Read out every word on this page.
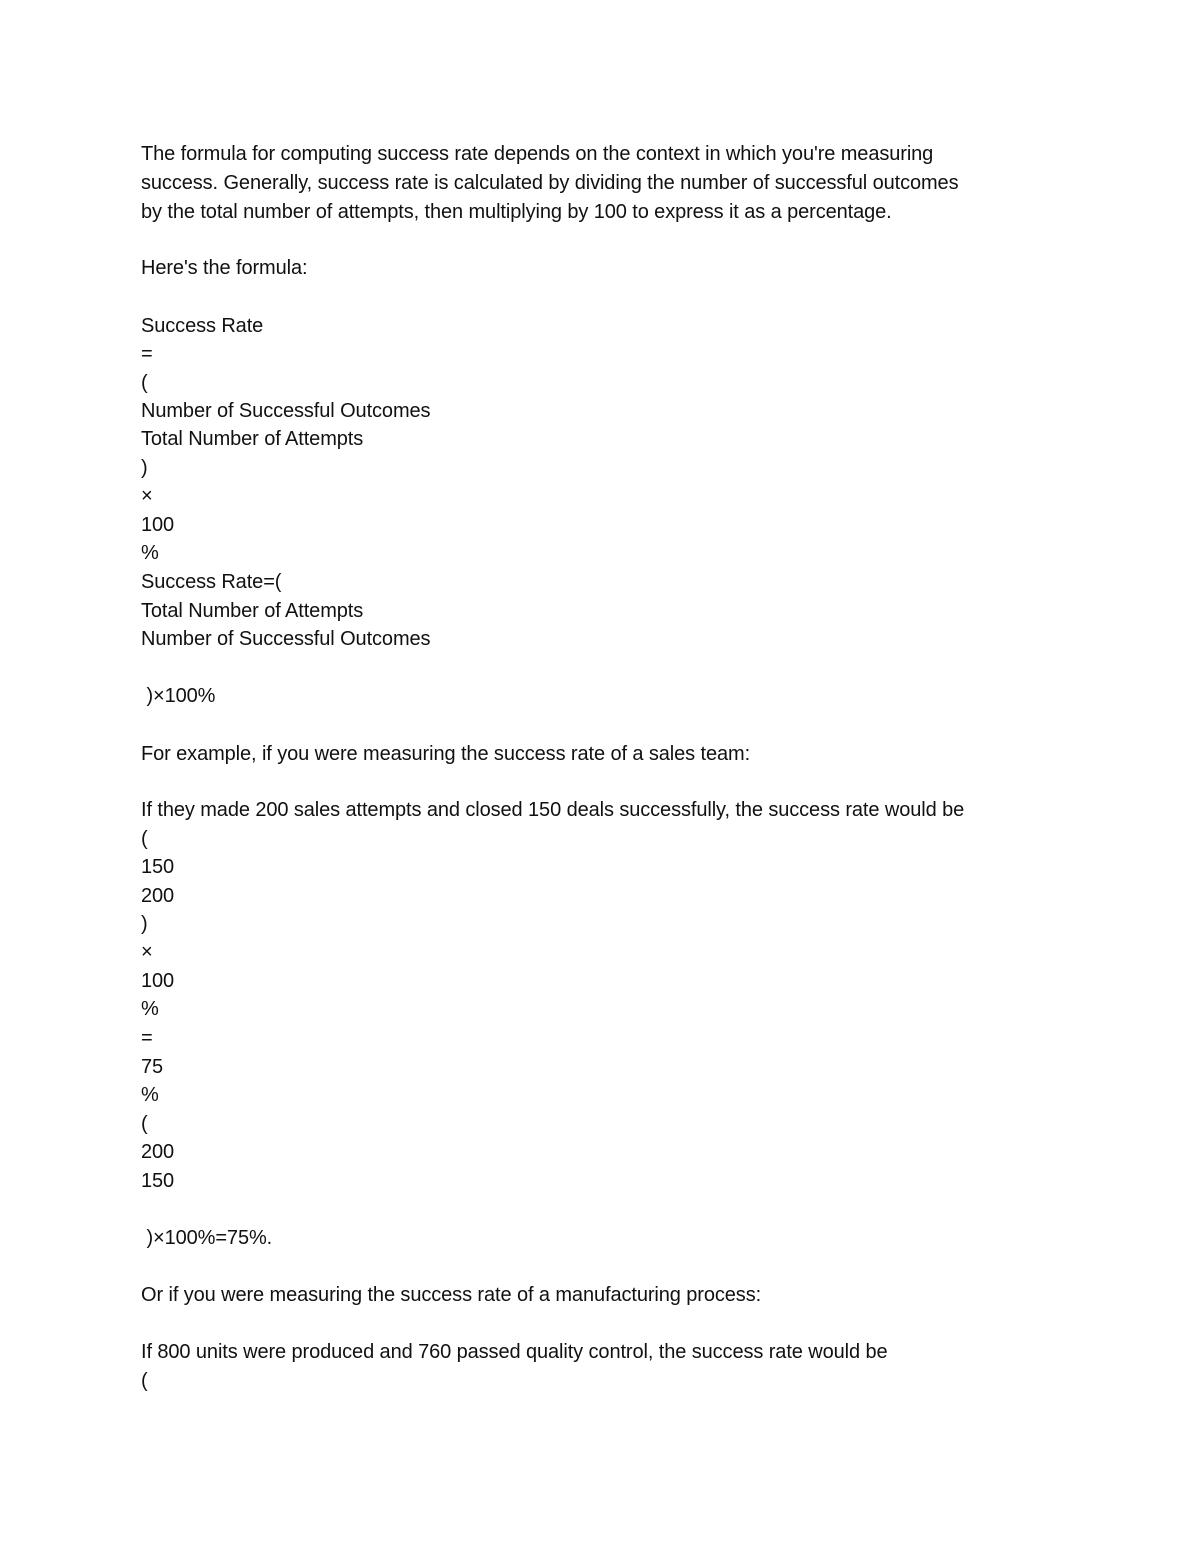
The formula for computing success rate depends on the context in which you're measuring
success. Generally, success rate is calculated by dividing the number of successful outcomes
by the total number of attempts, then multiplying by 100 to express it as a percentage.
Here's the formula:
Success Rate
=
(
Number of Successful Outcomes
Total Number of Attempts
)
×
100
%
Success Rate=(
Total Number of Attempts
Number of Successful Outcomes
)×100%
For example, if you were measuring the success rate of a sales team:
If they made 200 sales attempts and closed 150 deals successfully, the success rate would be
(
150
200
)
×
100
%
=
75
%
(
200
150
)×100%=75%.
Or if you were measuring the success rate of a manufacturing process:
If 800 units were produced and 760 passed quality control, the success rate would be
(
